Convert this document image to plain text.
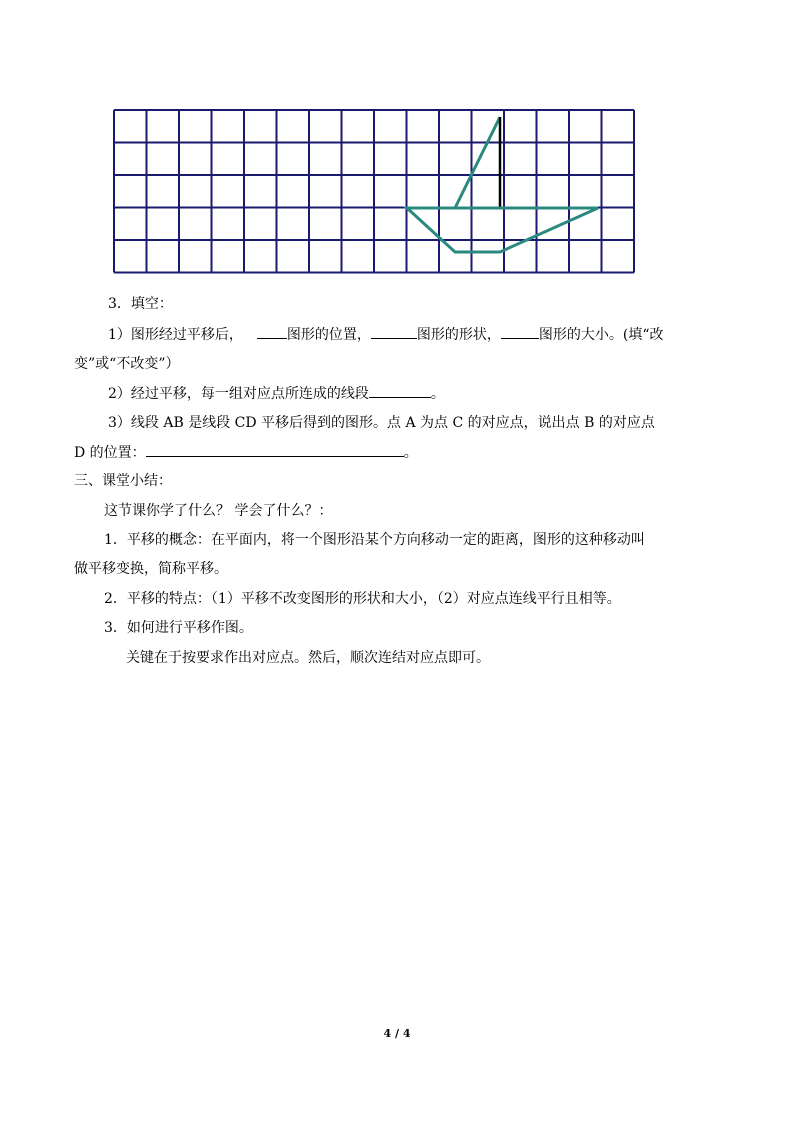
3．填空：
1）图形经过平移后，	图形的位置，	图形的形状，	图形的大小。(填“改
变”或“不改变”）
2）经过平移，每一组对应点所连成的线段	。
3）线段 AB 是线段 CD 平移后得到的图形。点 A 为点 C 的对应点，说出点 B 的对应点
D 的位置：	。
三、课堂小结：
这节课你学了什么？ 学会了什么？：
1．平移的概念：在平面内，将一个图形沿某个方向移动一定的距离，图形的这种移动叫
做平移变换，简称平移。
2．平移的特点：（1）平移不改变图形的形状和大小，（2）对应点连线平行且相等。
3．如何进行平移作图。
关键在于按要求作出对应点。然后，顺次连结对应点即可。
4 / 4
